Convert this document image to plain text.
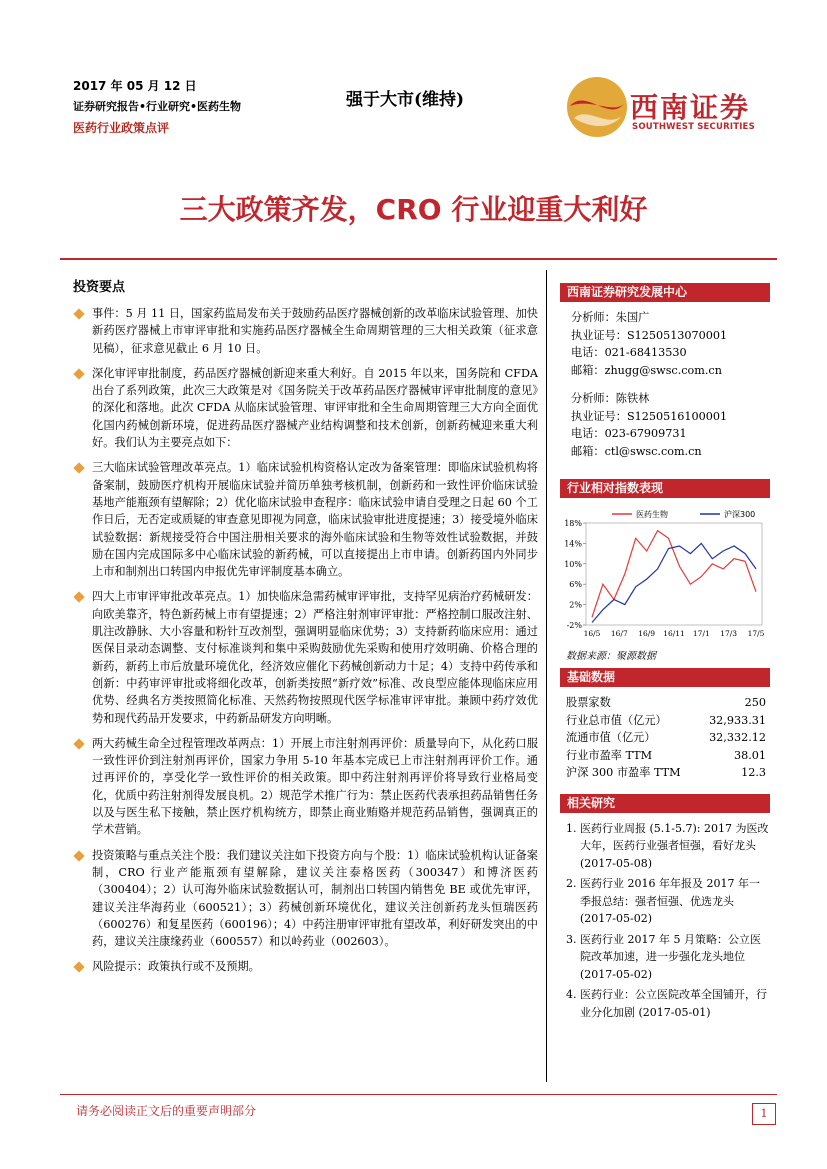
2017 年 05 月 12 日
证券研究报告•行业研究•医药生物
医药行业政策点评
强于大市(维持)	西南证券
SOUTHWEST SECURITIES
三大政策齐发，CRO 行业迎重大利好
投资要点
事件：5 月 11 日，国家药监局发布关于鼓励药品医疗器械创新的改革临床试验管理、加快新药医疗器械上市审评审批和实施药品医疗器械全生命周期管理的三大相关政策（征求意见稿），征求意见截止 6 月 10 日。
深化审评审批制度，药品医疗器械创新迎来重大利好。自 2015 年以来，国务院和 CFDA 出台了系列政策，此次三大政策是对《国务院关于改革药品医疗器械审评审批制度的意见》的深化和落地。此次 CFDA 从临床试验管理、审评审批和全生命周期管理三大方向全面优化国内药械创新环境，促进药品医疗器械产业结构调整和技术创新，创新药械迎来重大利好。我们认为主要亮点如下：
三大临床试验管理改革亮点。1）临床试验机构资格认定改为备案管理：即临床试验机构将备案制，鼓励医疗机构开展临床试验并简历单独考核机制，创新药和一致性评价临床试验基地产能瓶颈有望解除；2）优化临床试验申查程序：临床试验申请自受理之日起 60 个工作日后，无否定或质疑的审查意见即视为同意，临床试验审批进度提速；3）接受境外临床试验数据：新规接受符合中国注册相关要求的海外临床试验和生物等效性试验数据，并鼓励在国内完成国际多中心临床试验的新药械，可以直接提出上市申请。创新药国内外同步上市和制剂出口转国内申报优先审评制度基本确立。
四大上市审评审批改革亮点。1）加快临床急需药械审评审批，支持罕见病治疗药械研发：向欧美靠齐，特色新药械上市有望提速；2）严格注射剂审评审批：严格控制口服改注射、肌注改静脉、大小容量和粉针互改剂型，强调明显临床优势；3）支持新药临床应用：通过医保目录动态调整、支付标准谈判和集中采购鼓励优先采购和使用疗效明确、价格合理的新药，新药上市后放量环境优化，经济效应催化下药械创新动力十足；4）支持中药传承和创新：中药审评审批或将细化改革，创新类按照“新疗效”标准、改良型应能体现临床应用优势、经典名方类按照简化标准、天然药物按照现代医学标准审评审批。兼顾中药疗效优势和现代药品开发要求，中药新品研发方向明晰。
两大药械生命全过程管理改革两点：1）开展上市注射剂再评价：质量导向下，从化药口服一致性评价到注射剂再评价，国家力争用 5-10 年基本完成已上市注射剂再评价工作。通过再评价的，享受化学一致性评价的相关政策。即中药注射剂再评价将导致行业格局变化，优质中药注射剂得发展良机。2）规范学术推广行为：禁止医药代表承担药品销售任务以及与医生私下接触，禁止医疗机构统方，即禁止商业贿赂并规范药品销售，强调真正的学术营销。
投资策略与重点关注个股：我们建议关注如下投资方向与个股：1）临床试验机构认证备案制，CRO 行业产能瓶颈有望解除，建议关注泰格医药（300347）和博济医药（300404）；2）认可海外临床试验数据认可，制剂出口转国内销售免 BE 或优先审评，建议关注华海药业（600521）；3）药械创新环境优化，建议关注创新药龙头恒瑞医药（600276）和复星医药（600196）；4）中药注册审评审批有望改革，利好研发突出的中药，建议关注康缘药业（600557）和以岭药业（002603）。
风险提示：政策执行或不及预期。
西南证券研究发展中心
分析师：朱国广
执业证号：S1250513070001
电话：021-68413530
邮箱：zhugg@swsc.com.cn
分析师：陈铁林
执业证号：S1250516100001
电话：023-67909731
邮箱：ctl@swsc.com.cn
行业相对指数表现
-2%
2%
6%
10%
14%
18%
16/5 16/7 16/9 16/11 17/1 17/3 17/5
医药生物	沪深300
数据来源：聚源数据
基础数据
股票家数	250
行业总市值（亿元）	32,933.31
流通市值（亿元）	32,332.12
行业市盈率 TTM	38.01
沪深 300 市盈率 TTM	12.3
相关研究
1. 医药行业周报 (5.1-5.7): 2017 为医改大年，医药行业强者恒强，看好龙头 (2017-05-08)
2. 医药行业 2016 年年报及 2017 年一季报总结：强者恒强、优选龙头 (2017-05-02)
3. 医药行业 2017 年 5 月策略：公立医院改革加速，进一步强化龙头地位 (2017-05-02)
4. 医药行业：公立医院改革全国铺开，行业分化加剧 (2017-05-01)
请务必阅读正文后的重要声明部分	1
